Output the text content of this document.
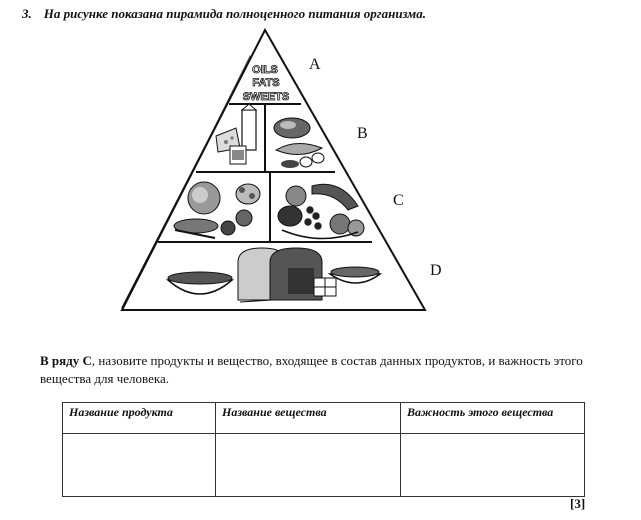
3. На рисунке показана пирамида полноценного питания организма.
OILS
FATS
SWEETS
A
B
C
D
В ряду С, назовите продукты и вещество, входящее в состав данных продуктов, и важность этого вещества для человека.
Название продукта	Название вещества	Важность этого вещества

[3]
